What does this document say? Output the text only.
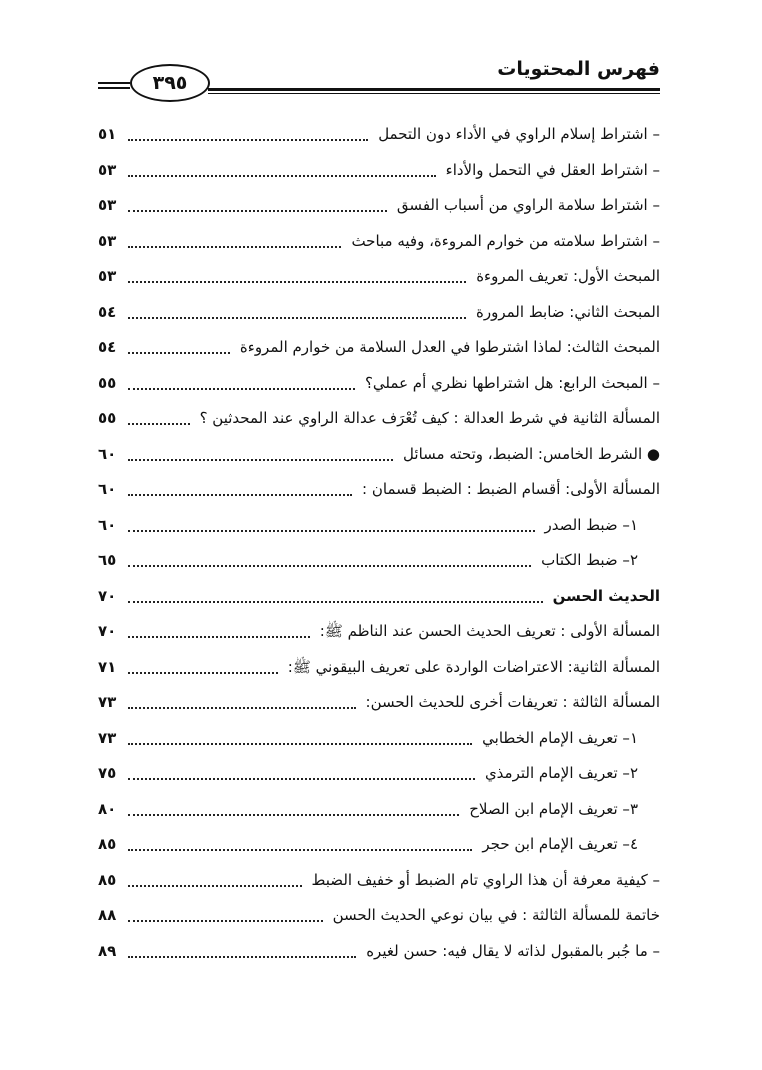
٣٩٥
فهرس المحتويات
– اشتراط إسلام الراوي في الأداء دون التحمل
٥١
– اشتراط العقل في التحمل والأداء
٥٣
– اشتراط سلامة الراوي من أسباب الفسق
٥٣
– اشتراط سلامته من خوارم المروءة، وفيه مباحث
٥٣
المبحث الأول: تعريف المروءة
٥٣
المبحث الثاني: ضابط المرورة
٥٤
المبحث الثالث: لماذا اشترطوا في العدل السلامة من خوارم المروءة
٥٤
– المبحث الرابع: هل اشتراطها نظري أم عملي؟
٥٥
المسألة الثانية في شرط العدالة : كيف تُعْرَف عدالة الراوي عند المحدثين ؟
٥٥
● الشرط الخامس: الضبط، وتحته مسائل
٦٠
المسألة الأولى: أقسام الضبط : الضبط قسمان :
٦٠
١– ضبط الصدر
٦٠
٢– ضبط الكتاب
٦٥
الحديث الحسن
٧٠
المسألة الأولى : تعريف الحديث الحسن عند الناظم ﷺ:
٧٠
المسألة الثانية: الاعتراضات الواردة على تعريف البيقوني ﷺ:
٧١
المسألة الثالثة : تعريفات أخرى للحديث الحسن:
٧٣
١– تعريف الإمام الخطابي
٧٣
٢– تعريف الإمام الترمذي
٧٥
٣– تعريف الإمام ابن الصلاح
٨٠
٤– تعريف الإمام ابن حجر
٨٥
– كيفية معرفة أن هذا الراوي تام الضبط أو خفيف الضبط
٨٥
خاتمة للمسألة الثالثة : في بيان نوعي الحديث الحسن
٨٨
– ما جُبر بالمقبول لذاته لا يقال فيه: حسن لغيره
٨٩
